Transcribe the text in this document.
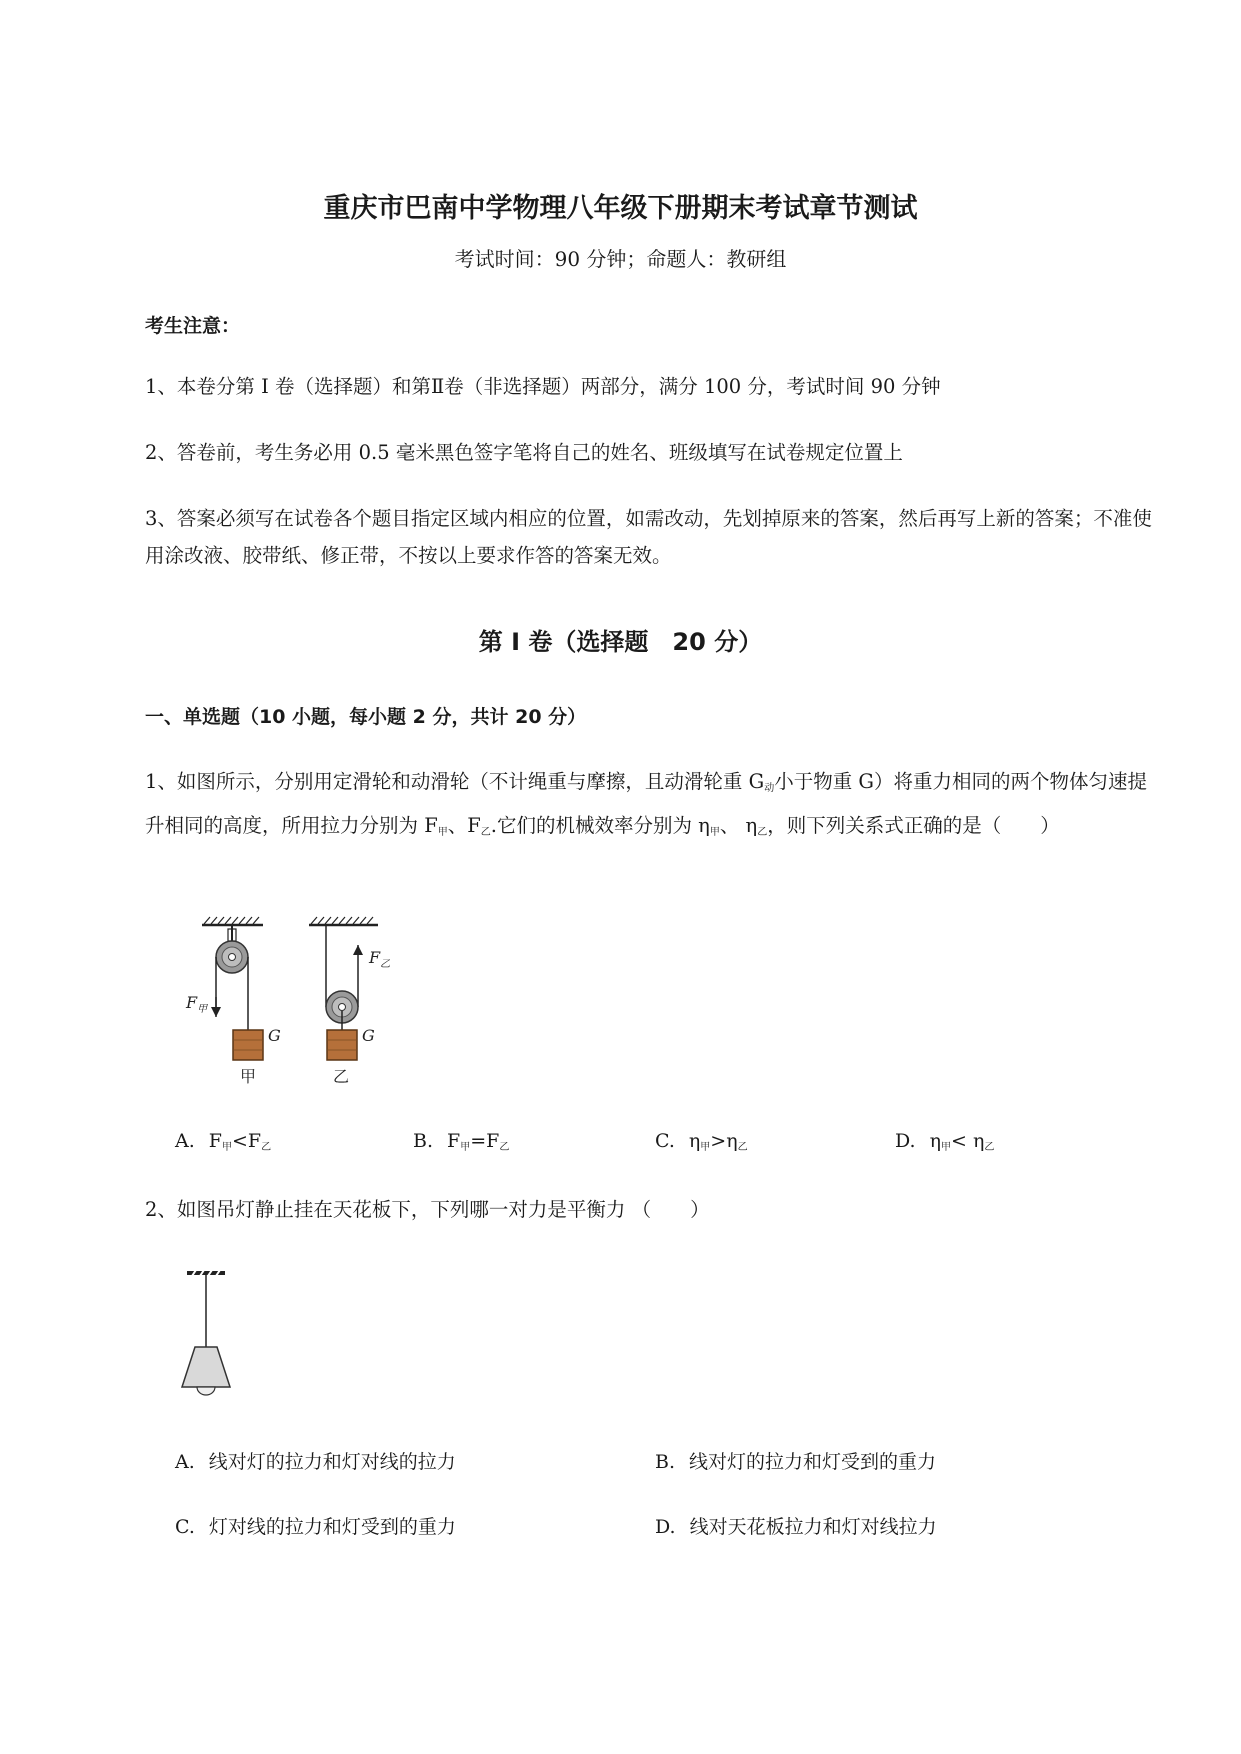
重庆市巴南中学物理八年级下册期末考试章节测试
考试时间：90 分钟；命题人：教研组
考生注意：
1、本卷分第 I 卷（选择题）和第Ⅱ卷（非选择题）两部分，满分 100 分，考试时间 90 分钟
2、答卷前，考生务必用 0.5 毫米黑色签字笔将自己的姓名、班级填写在试卷规定位置上
3、答案必须写在试卷各个题目指定区域内相应的位置，如需改动，先划掉原来的答案，然后再写上新的答案；不准使用涂改液、胶带纸、修正带，不按以上要求作答的答案无效。
第 I 卷（选择题　20 分）
一、单选题（10 小题，每小题 2 分，共计 20 分）
1、如图所示，分别用定滑轮和动滑轮（不计绳重与摩擦，且动滑轮重 $G_动$小于物重 G）将重力相同的两个物体匀速提升相同的高度，所用拉力分别为 $F_甲$、$F_乙$.它们的机械效率分别为 $\eta_甲$、 $\eta_乙$，则下列关系式正确的是（　　）
$F_甲$
G
甲
$F_乙$
G
乙
A. $F_甲<F_乙$	B. $F_甲=F_乙$	C. $\eta_甲>\eta_乙$	D. $\eta_甲< \eta_乙$
2、如图吊灯静止挂在天花板下，下列哪一对力是平衡力 （　　）
A. 线对灯的拉力和灯对线的拉力	B. 线对灯的拉力和灯受到的重力
C. 灯对线的拉力和灯受到的重力	D. 线对天花板拉力和灯对线拉力
